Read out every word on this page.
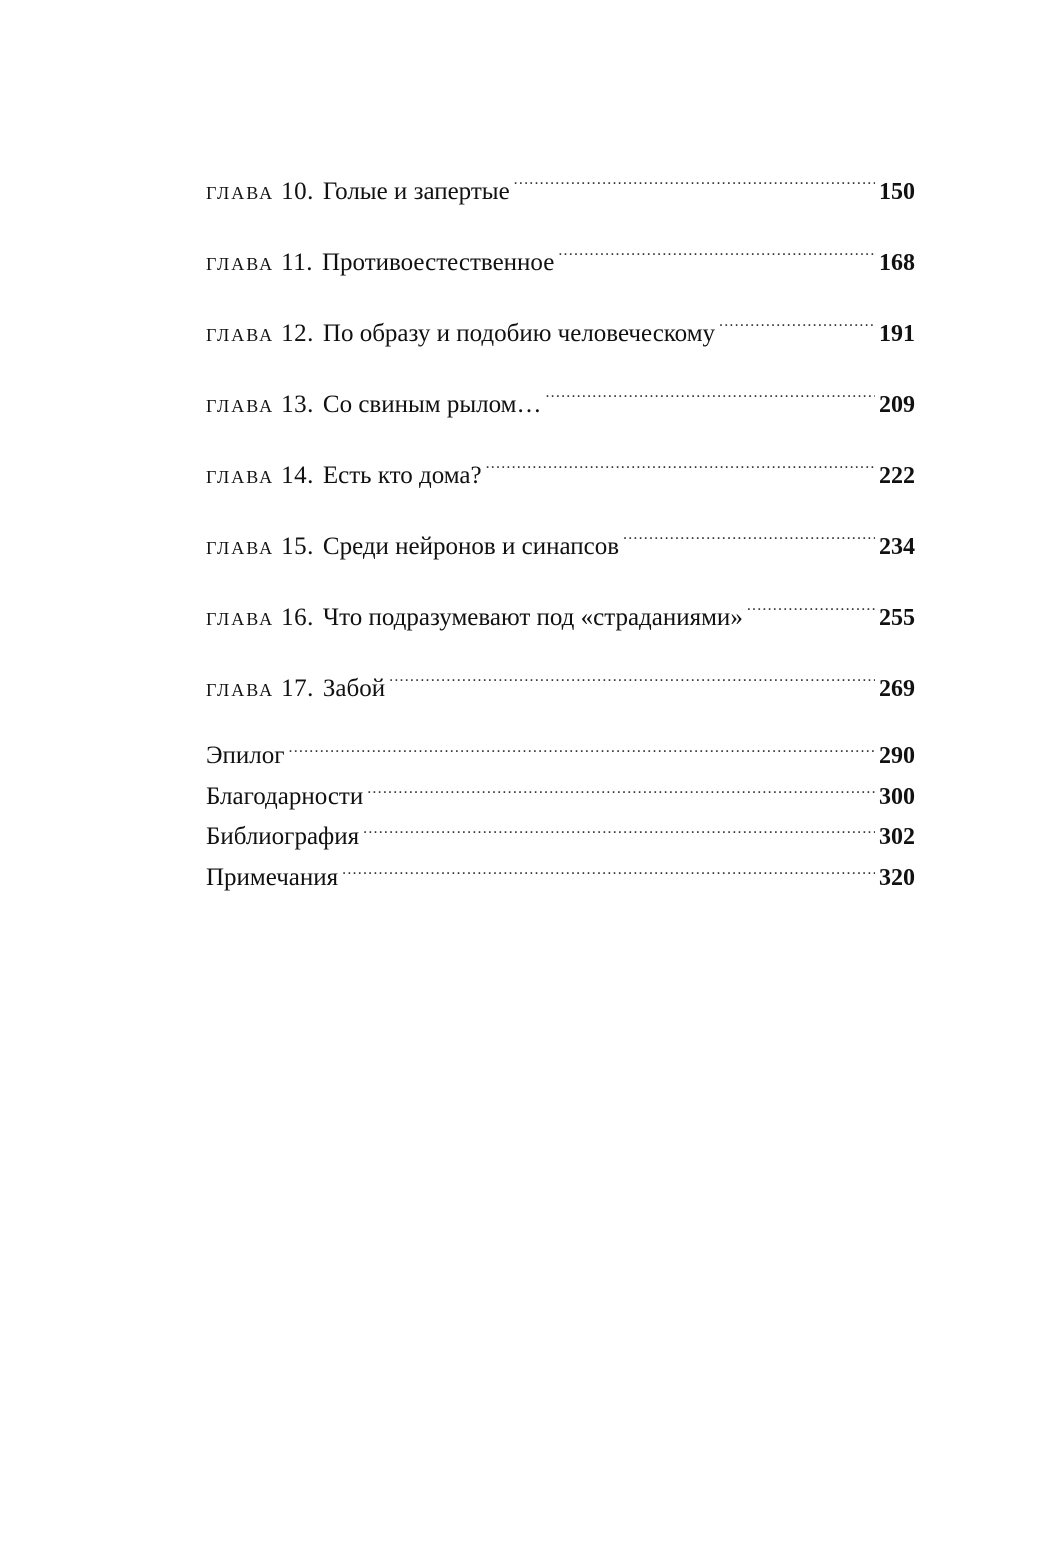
глава 10. Голые и запертые .....	150
глава 11. Противоестественное .....	168
глава 12. По образу и подобию человеческому .....	191
глава 13. Со свиным рылом… .....	209
глава 14. Есть кто дома? .....	222
глава 15. Среди нейронов и синапсов .....	234
глава 16. Что подразумевают под «страданиями» .....	255
глава 17. Забой .....	269
Эпилог .....	290
Благодарности .....	300
Библиография .....	302
Примечания .....	320
